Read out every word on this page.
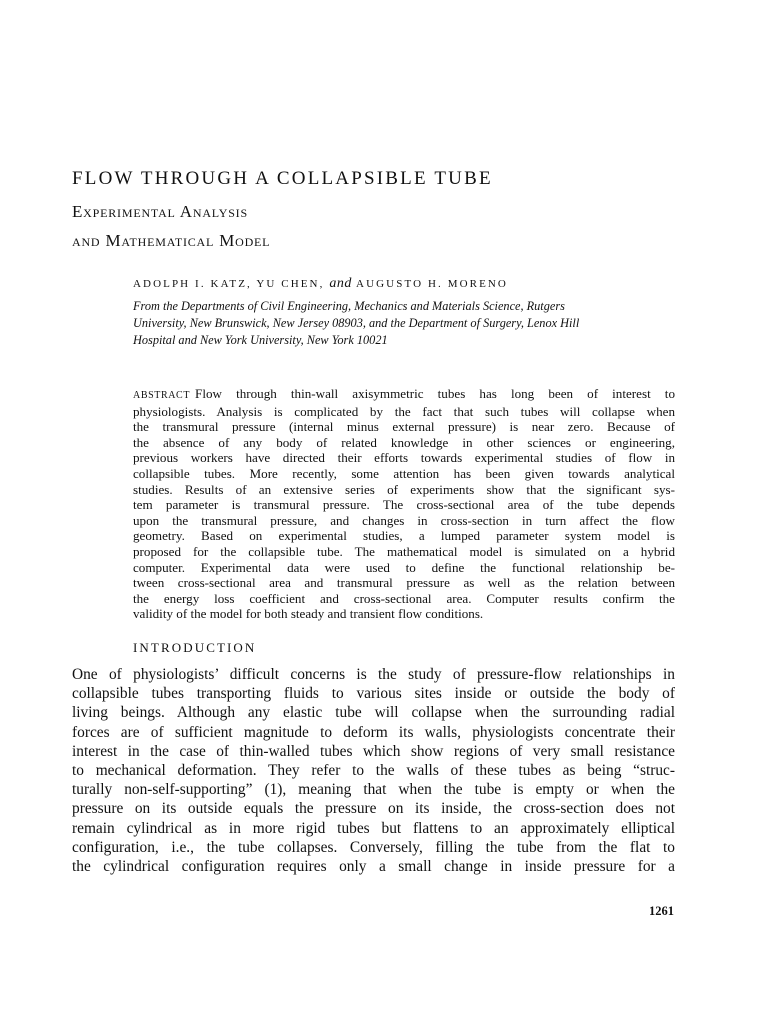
FLOW THROUGH A COLLAPSIBLE TUBE
Experimental Analysis
and Mathematical Model
ADOLPH I. KATZ, YU CHEN, and AUGUSTO H. MORENO
From the Departments of Civil Engineering, Mechanics and Materials Science, Rutgers
University, New Brunswick, New Jersey 08903, and the Department of Surgery, Lenox Hill
Hospital and New York University, New York 10021
ABSTRACT Flow through thin-wall axisymmetric tubes has long been of interest to
physiologists. Analysis is complicated by the fact that such tubes will collapse when
the transmural pressure (internal minus external pressure) is near zero. Because of
the absence of any body of related knowledge in other sciences or engineering,
previous workers have directed their efforts towards experimental studies of flow in
collapsible tubes. More recently, some attention has been given towards analytical
studies. Results of an extensive series of experiments show that the significant sys-
tem parameter is transmural pressure. The cross-sectional area of the tube depends
upon the transmural pressure, and changes in cross-section in turn affect the flow
geometry. Based on experimental studies, a lumped parameter system model is
proposed for the collapsible tube. The mathematical model is simulated on a hybrid
computer. Experimental data were used to define the functional relationship be-
tween cross-sectional area and transmural pressure as well as the relation between
the energy loss coefficient and cross-sectional area. Computer results confirm the
validity of the model for both steady and transient flow conditions.
INTRODUCTION
One of physiologists’ difficult concerns is the study of pressure-flow relationships in
collapsible tubes transporting fluids to various sites inside or outside the body of
living beings. Although any elastic tube will collapse when the surrounding radial
forces are of sufficient magnitude to deform its walls, physiologists concentrate their
interest in the case of thin-walled tubes which show regions of very small resistance
to mechanical deformation. They refer to the walls of these tubes as being “struc-
turally non-self-supporting” (1), meaning that when the tube is empty or when the
pressure on its outside equals the pressure on its inside, the cross-section does not
remain cylindrical as in more rigid tubes but flattens to an approximately elliptical
configuration, i.e., the tube collapses. Conversely, filling the tube from the flat to
the cylindrical configuration requires only a small change in inside pressure for a
1261
